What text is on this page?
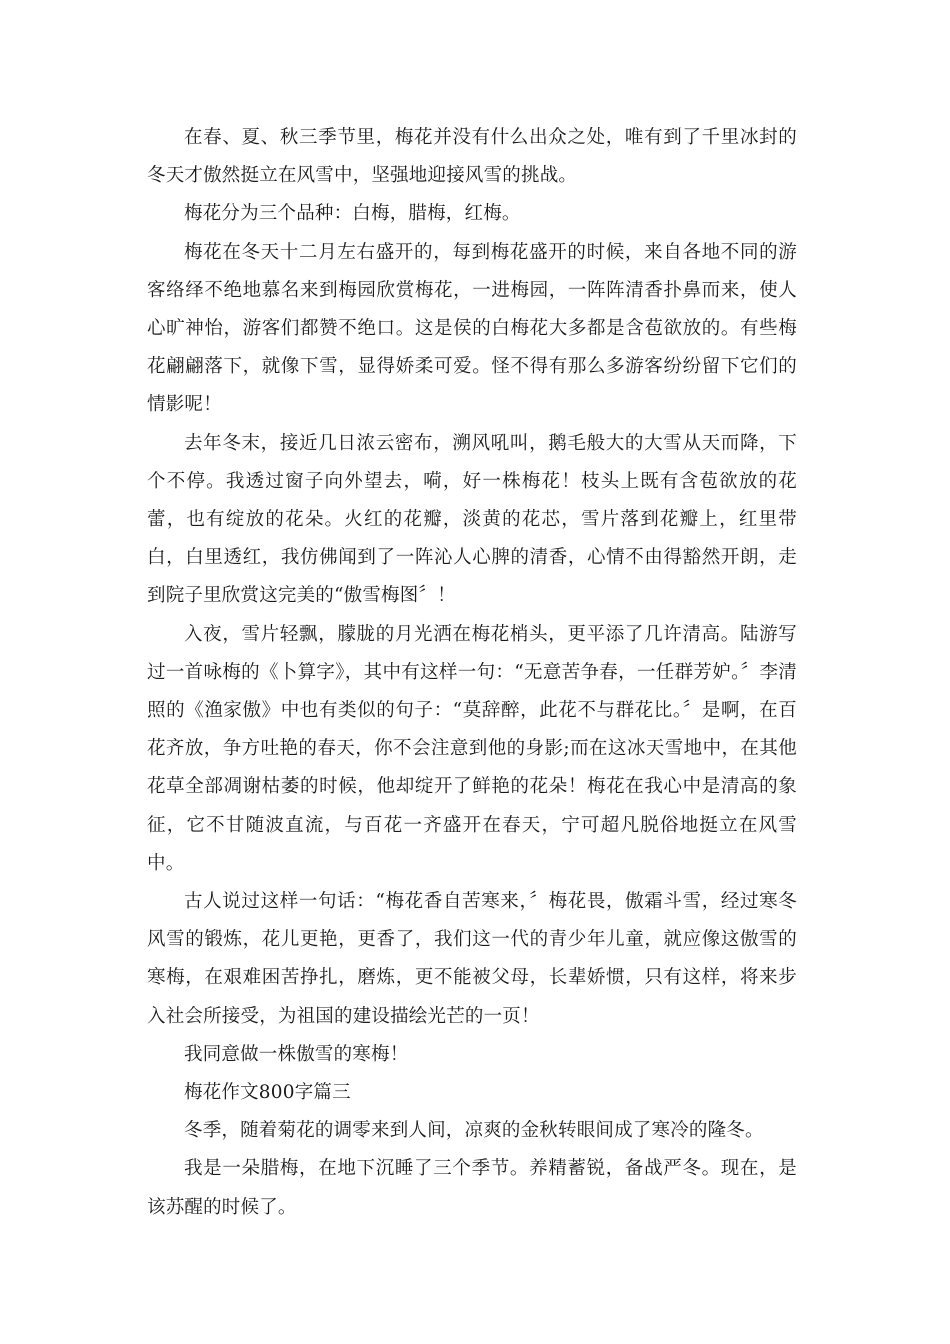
在春、夏、秋三季节里，梅花并没有什么出众之处，唯有到了千里冰封的冬天才傲然挺立在风雪中，坚强地迎接风雪的挑战。

梅花分为三个品种：白梅，腊梅，红梅。

梅花在冬天十二月左右盛开的，每到梅花盛开的时候，来自各地不同的游客络绎不绝地慕名来到梅园欣赏梅花，一进梅园，一阵阵清香扑鼻而来，使人心旷神怡，游客们都赞不绝口。这是侯的白梅花大多都是含苞欲放的。有些梅花翩翩落下，就像下雪，显得娇柔可爱。怪不得有那么多游客纷纷留下它们的情影呢！

去年冬末，接近几日浓云密布，溯风吼叫，鹅毛般大的大雪从天而降，下个不停。我透过窗子向外望去，嗬，好一株梅花！枝头上既有含苞欲放的花蕾，也有绽放的花朵。火红的花瓣，淡黄的花芯，雪片落到花瓣上，红里带白，白里透红，我仿佛闻到了一阵沁人心脾的清香，心情不由得豁然开朗，走到院子里欣赏这完美的“傲雪梅图〞！

入夜，雪片轻飘，朦胧的月光洒在梅花梢头，更平添了几许清高。陆游写过一首咏梅的《卜算字》，其中有这样一句：“无意苦争春，一任群芳妒。〞李清照的《渔家傲》中也有类似的句子：“莫辞醉，此花不与群花比。〞是啊，在百花齐放，争方吐艳的春天，你不会注意到他的身影;而在这冰天雪地中，在其他花草全部凋谢枯萎的时候，他却绽开了鲜艳的花朵！梅花在我心中是清高的象征，它不甘随波直流，与百花一齐盛开在春天，宁可超凡脱俗地挺立在风雪中。

古人说过这样一句话：“梅花香自苦寒来，〞梅花畏，傲霜斗雪，经过寒冬风雪的锻炼，花儿更艳，更香了，我们这一代的青少年儿童，就应像这傲雪的寒梅，在艰难困苦挣扎，磨炼，更不能被父母，长辈娇惯，只有这样，将来步入社会所接受，为祖国的建设描绘光芒的一页！

我同意做一株傲雪的寒梅！

梅花作文800字篇三

冬季，随着菊花的调零来到人间，凉爽的金秋转眼间成了寒冷的隆冬。

我是一朵腊梅，在地下沉睡了三个季节。养精蓄锐，备战严冬。现在，是该苏醒的时候了。
